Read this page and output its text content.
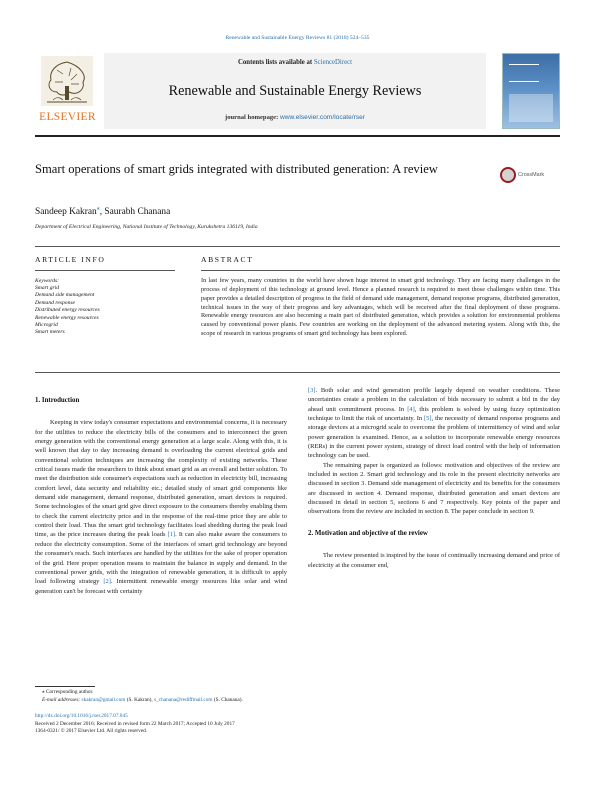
Renewable and Sustainable Energy Reviews 81 (2018) 524–535
ELSEVIER
Contents lists available at ScienceDirect
Renewable and Sustainable Energy Reviews
journal homepage: www.elsevier.com/locate/rser
Smart operations of smart grids integrated with distributed generation: A review	CrossMark
Sandeep Kakran⁎, Saurabh Chanana
Department of Electrical Engineering, National Institute of Technology, Kurukshetra 136119, India
ARTICLE INFO	ABSTRACT
Keywords:
Smart grid
Demand side management
Demand response
Distributed energy resources
Renewable energy resources
Microgrid
Smart meters
In last few years, many countries in the world have shown huge interest in smart grid technology. They are facing many challenges in the process of deployment of this technology at ground level. Hence a planned research is required to meet those challenges within time. This paper provides a detailed description of progress in the field of demand side management, demand response programs, distributed generation, technical issues in the way of their progress and key advantages, which will be received after the final deployment of these programs. Renewable energy resources are also becoming a main part of distributed generation, which provides a solution for environmental problems caused by conventional power plants. Few countries are working on the deployment of the advanced metering system. Along with this, the scope of research in various programs of smart grid technology has been explored.
1. Introduction

Keeping in view today's consumer expectations and environmental concerns, it is necessary for the utilities to reduce the electricity bills of the consumers and to interconnect the green energy generation with the conventional energy generation at a large scale. Along with this, it is well known that day to day increasing demand is overloading the current electrical grids and conventional solution techniques are increasing the complexity of existing networks. These critical issues made the researchers to think about smart grid as an overall and better solution. To meet the distribution side consumer's expectations such as reduction in electricity bill, increasing comfort level, data security and reliability etc.; detailed study of smart grid components like demand side management, demand response, distributed generation, smart devices is required. Some technologies of the smart grid give direct exposure to the consumers thereby enabling them to check the current electricity price and in the response of the real-time price they are able to control their load. Thus the smart grid technology facilitates load shedding during the peak load time, as the price increases during the peak loads [1]. It can also make aware the consumers to reduce the electricity consumption. Some of the interfaces of smart grid technology are beyond the consumer's reach. Such interfaces are handled by the utilities for the sake of proper operation of the grid. Here proper operation means to maintain the balance in supply and demand. In the conventional power grids, with the integration of renewable generation, it is difficult to apply load following strategy [2]. Intermittent renewable energy resources like solar and wind generation can't be forecast with certainty

[3]. Both solar and wind generation profile largely depend on weather conditions. These uncertainties create a problem in the calculation of bids necessary to submit a bid in the day ahead unit commitment process. In [4], this problem is solved by using fuzzy optimization technique to limit the risk of uncertainty. In [5], the necessity of demand response programs and storage devices at a microgrid scale to overcome the problem of intermittency of wind and solar power generation is examined. Hence, as a solution to incorporate renewable energy resources (RERs) in the current power system, strategy of direct load control with the help of information technology can be used.

The remaining paper is organized as follows: motivation and objectives of the review are included in section 2. Smart grid technology and its role in the present electricity networks are discussed in section 3. Demand side management of electricity and its benefits for the consumers are discussed in section 4. Demand response, distributed generation and smart devices are discussed in detail in section 5, sections 6 and 7 respectively. Key points of the paper and observations from the review are included in section 8. The paper conclude in section 9.

2. Motivation and objective of the review

The review presented is inspired by the issue of continually increasing demand and price of electricity at the consumer end,

⁎ Corresponding author.
E-mail addresses: skakran@gmail.com (S. Kakran), s_chanana@rediffmail.com (S. Chanana).
http://dx.doi.org/10.1016/j.rser.2017.07.045
Received 2 December 2016; Received in revised form 22 March 2017; Accepted 10 July 2017
1364-0321/ © 2017 Elsevier Ltd. All rights reserved.
